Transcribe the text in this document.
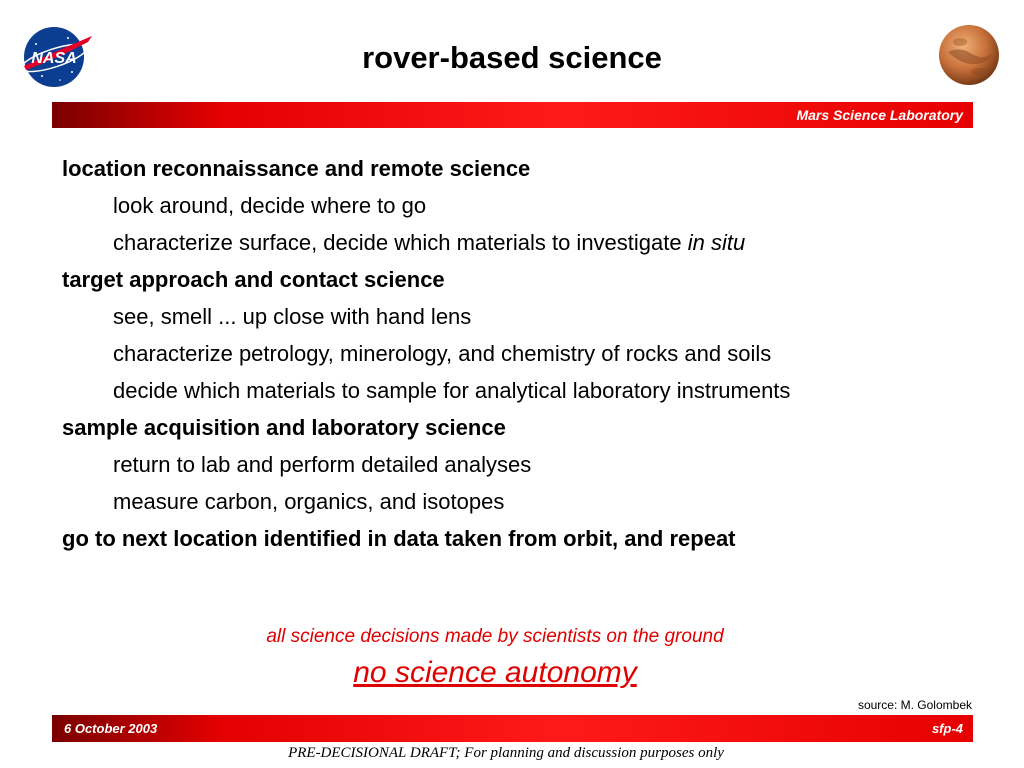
NASA	rover-based science
Mars Science Laboratory
location reconnaissance and remote science
look around, decide where to go
characterize surface, decide which materials to investigate in situ
target approach and contact science
see, smell ... up close with hand lens
characterize petrology, minerology, and chemistry of rocks and soils
decide which materials to sample for analytical laboratory instruments
sample acquisition and laboratory science
return to lab and perform detailed analyses
measure carbon, organics, and isotopes
go to next location identified in data taken from orbit, and repeat
all science decisions made by scientists on the ground
no science autonomy
source: M. Golombek
6 October 2003	sfp-4
PRE-DECISIONAL DRAFT; For planning and discussion purposes only
